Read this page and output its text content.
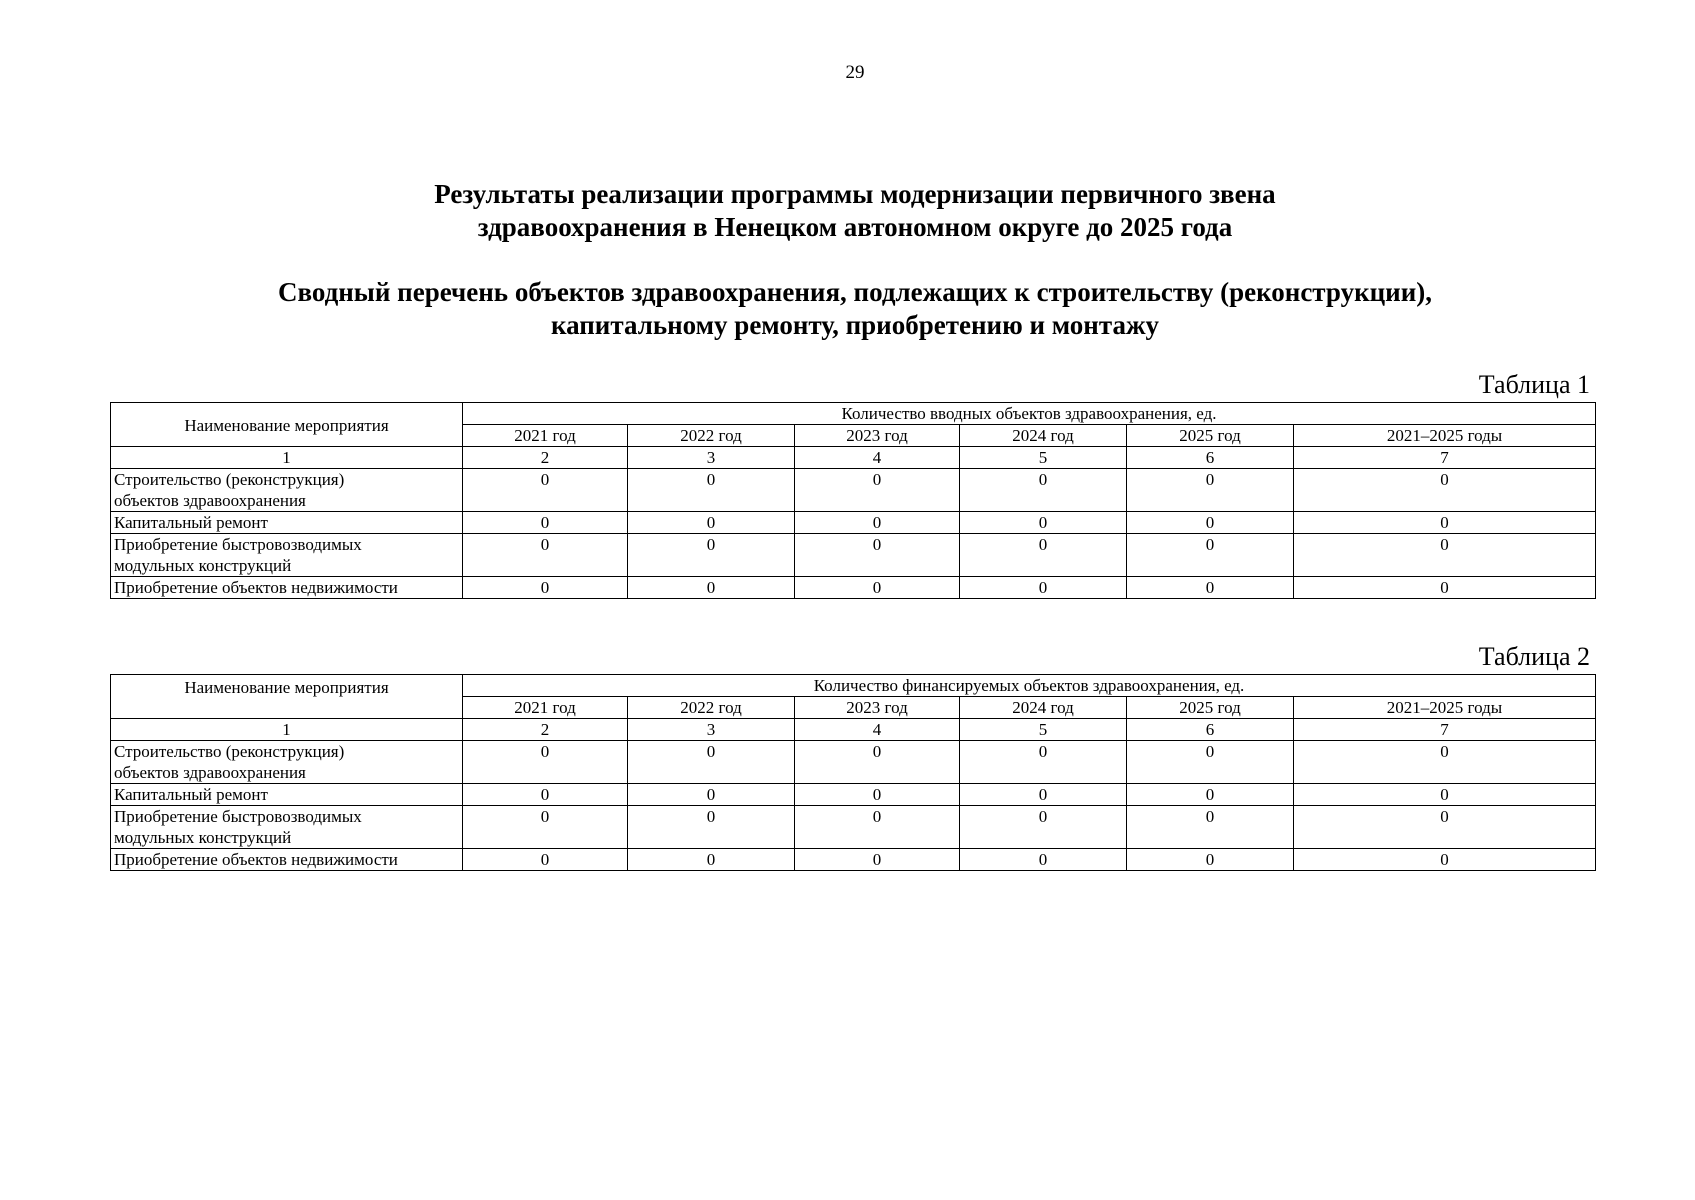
29
Результаты реализации программы модернизации первичного звена
здравоохранения в Ненецком автономном округе до 2025 года
Сводный перечень объектов здравоохранения, подлежащих к строительству (реконструкции),
капитальному ремонту, приобретению и монтажу
Таблица 1
Наименование мероприятия	Количество вводных объектов здравоохранения, ед.					
	2021 год	2022 год	2023 год	2024 год	2025 год	2021–2025 годы
1	2	3	4	5	6	7
Строительство (реконструкция)
объектов здравоохранения	0	0	0	0	0	0
Капитальный ремонт	0	0	0	0	0	0
Приобретение быстровозводимых
модульных конструкций	0	0	0	0	0	0
Приобретение объектов недвижимости	0	0	0	0	0	0
Таблица 2
Наименование мероприятия	Количество финансируемых объектов здравоохранения, ед.					
	2021 год	2022 год	2023 год	2024 год	2025 год	2021–2025 годы
1	2	3	4	5	6	7
Строительство (реконструкция)
объектов здравоохранения	0	0	0	0	0	0
Капитальный ремонт	0	0	0	0	0	0
Приобретение быстровозводимых
модульных конструкций	0	0	0	0	0	0
Приобретение объектов недвижимости	0	0	0	0	0	0
